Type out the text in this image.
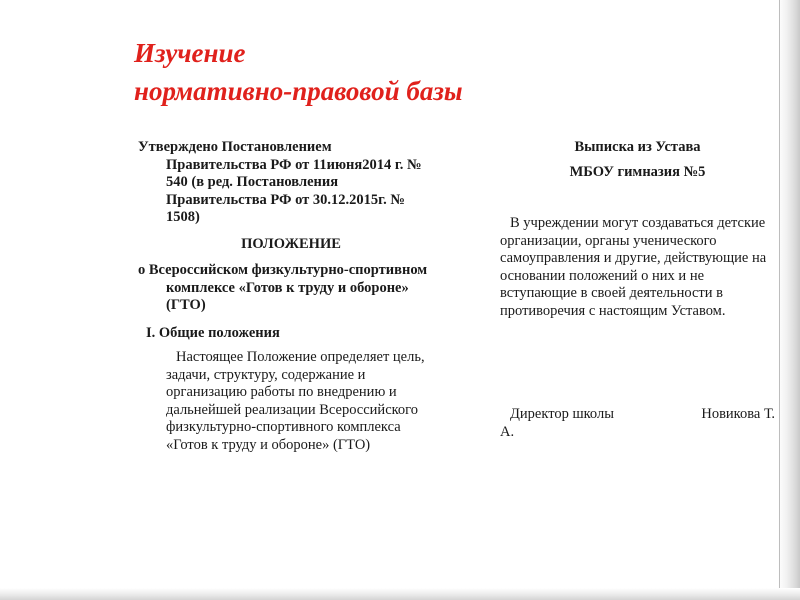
Изучение
нормативно-правовой базы

Утверждено Постановлением

Правительства РФ от 11июня2014 г. № 540 (в ред. Постановления Правительства РФ от 30.12.2015г. № 1508)

ПОЛОЖЕНИЕ

о Всероссийском физкультурно-спортивном комплексе «Готов к труду и обороне» (ГТО)

I. Общие положения

Настоящее Положение определяет цель, задачи, структуру, содержание и организацию работы по внедрению и дальнейшей реализации Всероссийского физкультурно-спортивного комплекса «Готов к труду и обороне» (ГТО)

Выписка из Устава

МБОУ гимназия №5

В учреждении могут создаваться детские организации, органы ученического самоуправления и другие, действующие на основании положений о них и не вступающие в своей деятельности в противоречия с настоящим Уставом.

Директор школы	Новикова Т.
А.
